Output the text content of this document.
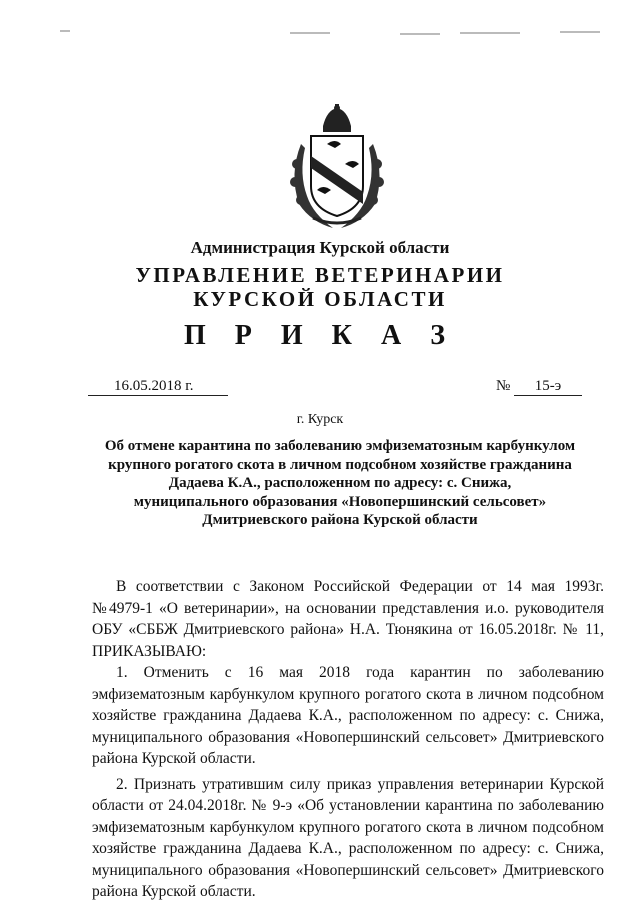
Администрация Курской области
УПРАВЛЕНИЕ ВЕТЕРИНАРИИ
КУРСКОЙ ОБЛАСТИ
П Р И К А З
16.05.2018 г.	№	15-э
г. Курск
Об отмене карантина по заболеванию эмфизематозным карбункулом
крупного рогатого скота в личном подсобном хозяйстве гражданина
Дадаева К.А., расположенном по адресу: с. Снижа,
муниципального образования «Новопершинский сельсовет»
Дмитриевского района Курской области
В соответствии с Законом Российской Федерации от 14 мая 1993г.
№4979-1 «О ветеринарии», на основании представления и.о. руководителя
ОБУ «СББЖ Дмитриевского района» Н.А. Тюнякина от 16.05.2018г. № 11,
ПРИКАЗЫВАЮ:
1. Отменить с 16 мая 2018 года карантин по заболеванию
эмфизематозным карбункулом крупного рогатого скота в личном подсобном
хозяйстве гражданина Дадаева К.А., расположенном по адресу: с. Снижа,
муниципального образования «Новопершинский сельсовет» Дмитриевского
района Курской области.
2. Признать утратившим силу приказ управления ветеринарии Курской
области от 24.04.2018г. № 9-э «Об установлении карантина по заболеванию
эмфизематозным карбункулом крупного рогатого скота в личном подсобном
хозяйстве гражданина Дадаева К.А., расположенном по адресу: с. Снижа,
муниципального образования «Новопершинский сельсовет» Дмитриевского
района Курской области.
